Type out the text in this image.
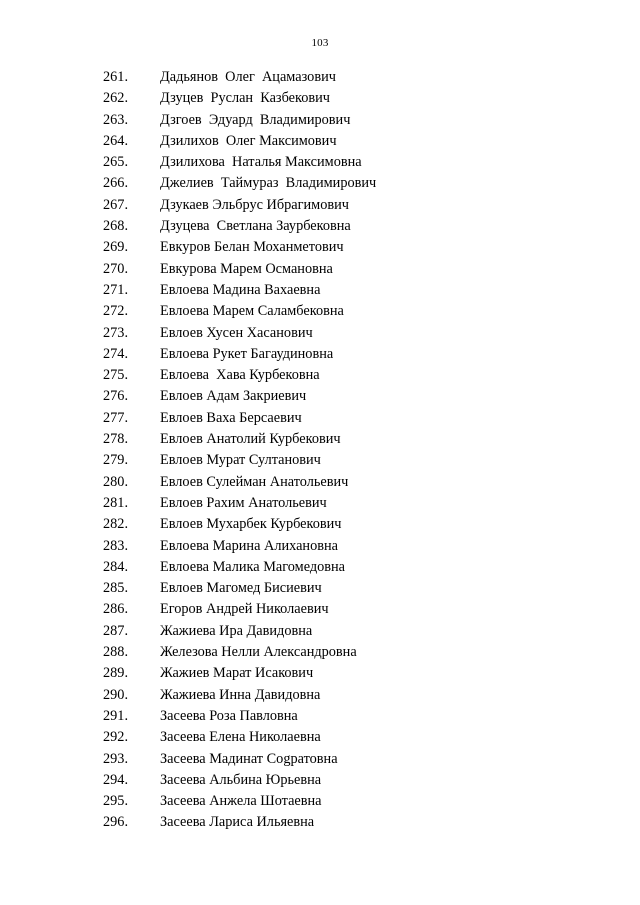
103
261. Дадьянов  Олег  Ацамазович
262. Дзуцев  Руслан  Казбекович
263. Дзгоев  Эдуард  Владимирович
264. Дзилихов  Олег Максимович
265. Дзилихова  Наталья Максимовна
266. Джелиев  Таймураз  Владимирович
267. Дзукаев Эльбрус Ибрагимович
268. Дзуцева  Светлана Заурбековна
269. Евкуров Белан Моханметович
270. Евкурова Марем Османовна
271. Евлоева Мадина Вахаевна
272. Евлоева Марем Саламбековна
273. Евлоев Хусен Хасанович
274. Евлоева Рукет Багаудиновна
275. Евлоева  Хава Курбековна
276. Евлоев Адам Закриевич
277. Евлоев Ваха Берсаевич
278. Евлоев Анатолий Курбекович
279. Евлоев Мурат Султанович
280. Евлоев Сулейман Анатольевич
281. Евлоев Рахим Анатольевич
282. Евлоев Мухарбек Курбекович
283. Евлоева Марина Алихановна
284. Евлоева Малика Магомедовна
285. Евлоев Магомед Бисиевич
286. Егоров Андрей Николаевич
287. Жажиева Ира Давидовна
288. Железова Нелли Александровна
289. Жажиев Марат Исакович
290. Жажиева Инна Давидовна
291. Засеева Роза Павловна
292. Засеева Елена Николаевна
293. Засеева Мадинат Сogратовна
294. Засеева Альбина Юрьевна
295. Засеева Анжела Шотаевна
296. Засеева Лариса Ильяевна
